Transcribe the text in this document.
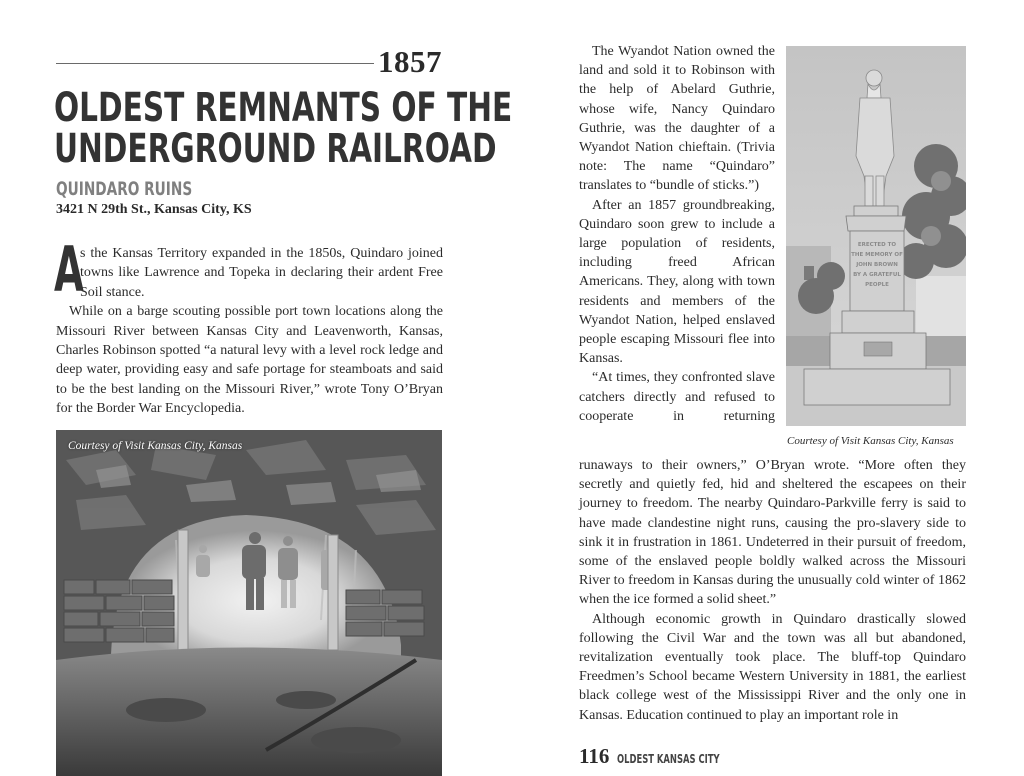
1857
OLDEST REMNANTS OF THE
UNDERGROUND RAILROAD
QUINDARO RUINS
3421 N 29th St., Kansas City, KS

A
s the Kansas Territory expanded in the 1850s, Quindaro joined towns like Lawrence and Topeka in declaring their ardent Free Soil stance.

While on a barge scouting possible port town locations along the Missouri River between Kansas City and Leavenworth, Kansas, Charles Robinson spotted “a natural levy with a level rock ledge and deep water, providing easy and safe portage for steamboats and said to be the best landing on the Missouri River,” wrote Tony O’Bryan for the Border War Encyclopedia.

Courtesy of Visit Kansas City, Kansas

The Wyandot Nation owned the land and sold it to Robinson with the help of Abelard Guthrie, whose wife, Nancy Quindaro Guthrie, was the daughter of a Wyandot Nation chieftain. (Trivia note: The name “Quindaro” translates to “bundle of sticks.”)

After an 1857 groundbreaking, Quindaro soon grew to include a large population of residents, including freed African Americans. They, along with town residents and members of the Wyandot Nation, helped enslaved people escaping Missouri flee into Kansas.

“At times, they confronted slave catchers directly and refused to cooperate in returning

ERECTED TO
THE MEMORY OF
JOHN BROWN
BY A GRATEFUL
PEOPLE
Courtesy of Visit Kansas City, Kansas

runaways to their owners,” O’Bryan wrote. “More often they secretly and quietly fed, hid and sheltered the escapees on their journey to freedom. The nearby Quindaro-Parkville ferry is said to have made clandestine night runs, causing the pro-slavery side to sink it in frustration in 1861. Undeterred in their pursuit of freedom, some of the enslaved people boldly walked across the Missouri River to freedom in Kansas during the unusually cold winter of 1862 when the ice formed a solid sheet.”

Although economic growth in Quindaro drastically slowed following the Civil War and the town was all but abandoned, revitalization eventually took place. The bluff-top Quindaro Freedmen’s School became Western University in 1881, the earliest black college west of the Mississippi River and the only one in Kansas. Education continued to play an important role in

116 OLDEST KANSAS CITY
